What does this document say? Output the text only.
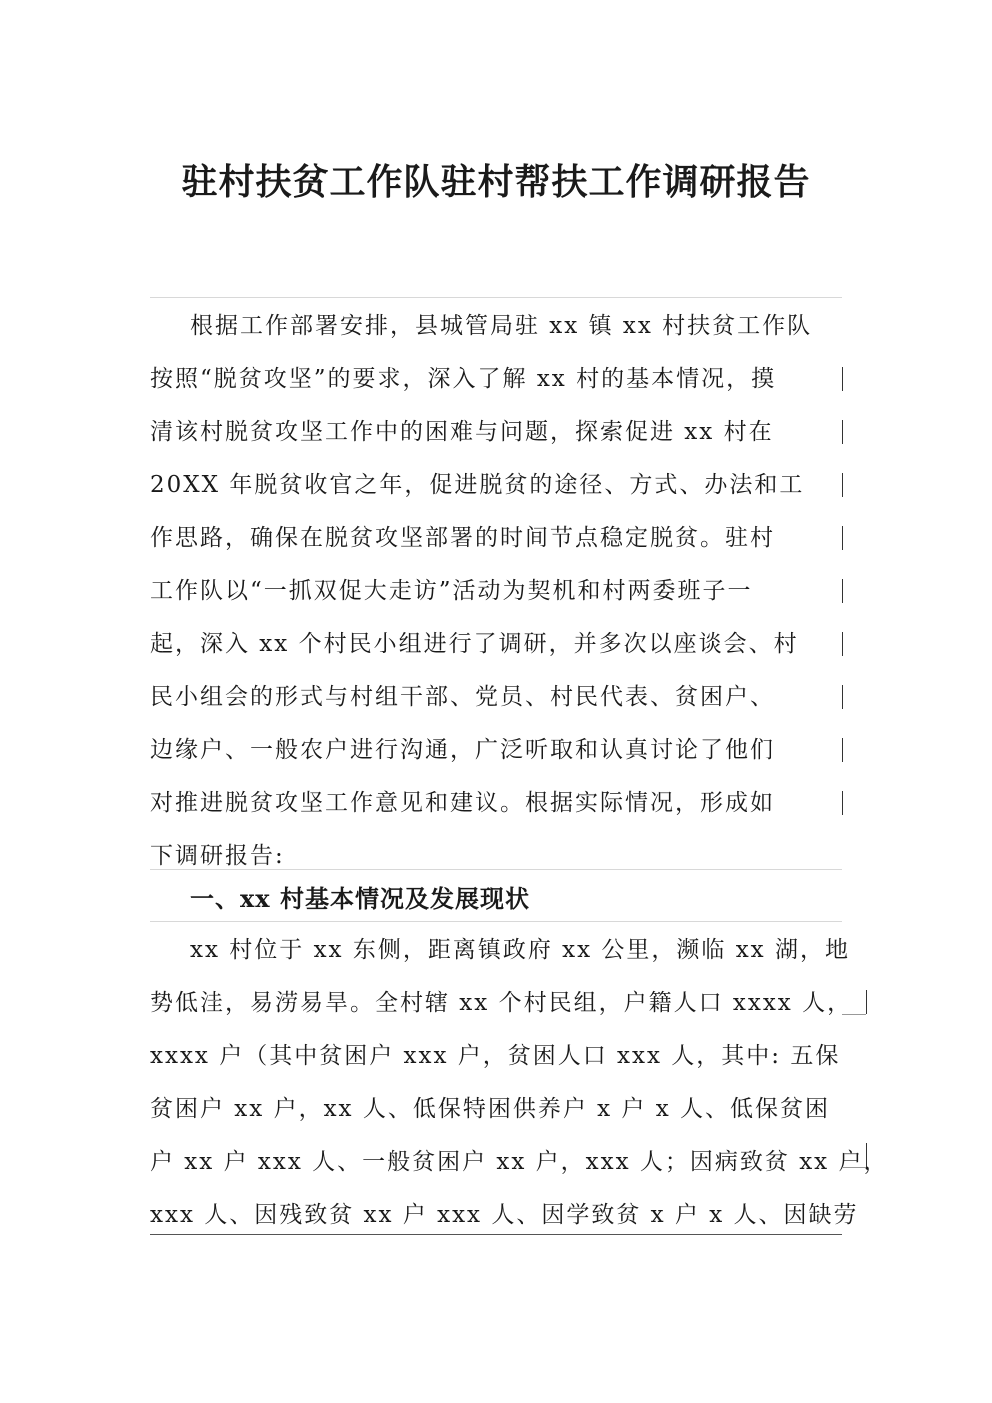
驻村扶贫工作队驻村帮扶工作调研报告
根据工作部署安排，县城管局驻 xx 镇 xx 村扶贫工作队
按照“脱贫攻坚”的要求，深入了解 xx 村的基本情况，摸
清该村脱贫攻坚工作中的困难与问题，探索促进 xx 村在
20XX 年脱贫收官之年，促进脱贫的途径、方式、办法和工
作思路，确保在脱贫攻坚部署的时间节点稳定脱贫。驻村
工作队以“一抓双促大走访”活动为契机和村两委班子一
起，深入 xx 个村民小组进行了调研，并多次以座谈会、村
民小组会的形式与村组干部、党员、村民代表、贫困户、
边缘户、一般农户进行沟通，广泛听取和认真讨论了他们
对推进脱贫攻坚工作意见和建议。根据实际情况，形成如
下调研报告:
一、xx 村基本情况及发展现状
xx 村位于 xx 东侧，距离镇政府 xx 公里，濒临 xx 湖，地
势低洼，易涝易旱。全村辖 xx 个村民组，户籍人口 xxxx 人，
xxxx 户（其中贫困户 xxx 户，贫困人口 xxx 人，其中: 五保
贫困户 xx 户，xx 人、低保特困供养户 x 户 x 人、低保贫困
户 xx 户 xxx 人、一般贫困户 xx 户，xxx 人；因病致贫 xx 户，
xxx 人、因残致贫 xx 户 xxx 人、因学致贫 x 户 x 人、因缺劳
